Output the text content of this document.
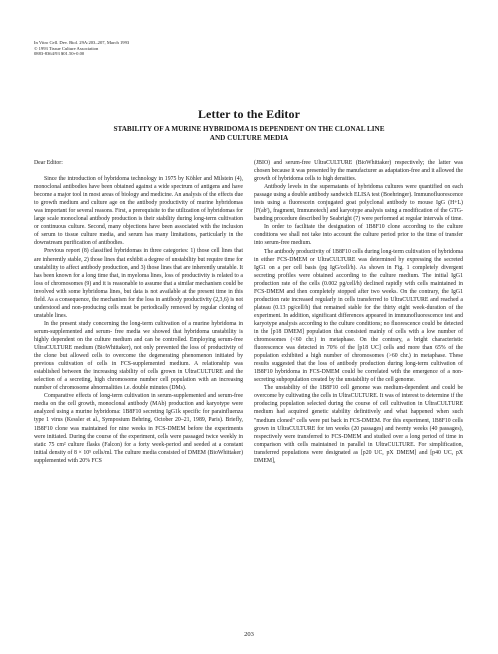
In Vitro Cell. Dev. Biol. 29A:203–207, March 1993
© 1993 Tissue Culture Association
0883-8364/93 $01.50+0.00
Letter to the Editor
STABILITY OF A MURINE HYBRIDOMA IS DEPENDENT ON THE CLONAL LINE
AND CULTURE MEDIA

Dear Editor:

Since the introduction of hybridoma technology in 1975 by Köhler and Milstein (4), monoclonal antibodies have been obtained against a wide spectrum of antigens and have become a major tool in most areas of biology and medicine. An analysis of the effects due to growth medium and culture age on the antibody productivity of murine hybridomas was important for several reasons. First, a prerequisite to the utilization of hybridomas for large scale monoclonal antibody production is their stability during long-term cultivation or continuous culture. Second, many objections have been associated with the inclusion of serum to tissue culture media, and serum has many limitations, particularly in the downstream purification of antibodies.

Previous report (8) classified hybridomas in three categories: 1) those cell lines that are inherently stable, 2) those lines that exhibit a degree of unstability but require time for unstability to affect antibody production, and 3) those lines that are inherently unstable. It has been known for a long time that, in myeloma lines, loss of productivity is related to a loss of chromosomes (9) and it is reasonable to assume that a similar mechanism could be involved with some hybridoma lines, but data is not available at the present time in this field. As a consequence, the mechanism for the loss in antibody productivity (2,3,6) is not understood and non-producing cells must be periodically removed by regular cloning of unstable lines.

In the present study concerning the long-term cultivation of a murine hybridoma in serum-supplemented and serum- free media we showed that hybridoma unstability is highly dependent on the culture medium and can be controlled. Employing serum-free UltraCULTURE medium (BioWhittaker), not only prevented the loss of productivity of the clone but allowed cells to overcome the degenerating phenomenon initiated by previous cultivation of cells in FCS-supplemented medium. A relationship was established between the increasing stability of cells grown in UltraCULTURE and the selection of a secreting, high chromosome number cell population with an increasing number of chromosome abnormalities i.e. double minutes (DMs).

Comparative effects of long-term cultivation in serum-supplemented and serum-free media on the cell growth, monoclonal antibody (MAb) production and karyotype were analyzed using a murine hybridoma: 1B8F10 secreting IgG1k specific for parainfluenza type 1 virus (Kessler et al., Symposium Behring, October 20–21, 1989, Paris). Briefly, 1B8F10 clone was maintained for nine weeks in FCS-DMEM before the experiments were initiated. During the course of the experiment, cells were passaged twice weekly in static 75 cm² culture flasks (Falcon) for a forty week-period and seeded at a constant initial density of 8 × 10⁵ cells/ml. The culture media consisted of DMEM (BioWhittaker) supplemented with 20% FCS

(JBIO) and serum-free UltraCULTURE (BioWhittaker) respectively; the latter was chosen because it was presented by the manufacturer as adaptation-free and it allowed the growth of hybridoma cells to high densities.

Antibody levels in the supernatants of hybridoma cultures were quantified on each passage using a double antibody sandwich ELISA test (Boehringer). Immunofluorescence tests using a fluorescein conjugated goat polyclonal antibody to mouse IgG (H+L) [F(ab')₂ fragment, Immunotech] and karyotype analysis using a modification of the GTG-banding procedure described by Seabright (7) were performed at regular intervals of time.

In order to facilitate the designation of 1B8F10 clone according to the culture conditions we shall not take into account the culture period prior to the time of transfer into serum-free medium.

The antibody productivity of 1B8F10 cells during long-term cultivation of hybridoma in either FCS-DMEM or UltraCULTURE was determined by expressing the secreted IgG1 on a per cell basis (pg IgG/cell/h). As shown in Fig. 1 completely divergent secreting profiles were obtained according to the culture medium. The initial IgG1 production rate of the cells (0.002 pg/cell/h) declined rapidly with cells maintained in FCS-DMEM and then completely stopped after two weeks. On the contrary, the IgG1 production rate increased regularly in cells transferred to UltraCULTURE and reached a plateau (0.13 pg/cell/h) that remained stable for the thirty eight week-duration of the experiment. In addition, significant differences appeared in immunofluorescence test and karyotype analysis according to the culture conditions; no fluorescence could be detected in the [p18 DMEM] population that consisted mainly of cells with a low number of chromosomes (<60 chr.) in metaphase. On the contrary, a bright characteristic fluorescence was detected in 70% of the [p18 UC] cells and more than 65% of the population exhibited a high number of chromosomes (>60 chr.) in metaphase. These results suggested that the loss of antibody production during long-term cultivation of 1B8F10 hybridoma in FCS-DMEM could be correlated with the emergence of a non-secreting subpopulation created by the unstability of the cell genome.

The unstability of the 1B8F10 cell genome was medium-dependent and could be overcome by cultivating the cells in UltraCULTURE. It was of interest to determine if the producing population selected during the course of cell cultivation in UltraCULTURE medium had acquired genetic stability definitively and what happened when such "medium cloned" cells were put back in FCS-DMEM. For this experiment, 1B8F10 cells grown in UltraCULTURE for ten weeks (20 passages) and twenty weeks (40 passages), respectively were transferred to FCS-DMEM and studied over a long period of time in comparison with cells maintained in parallel in UltraCULTURE. For simplification, transferred populations were designated as [p20 UC, pX DMEM] and [p40 UC, pX DMEM],

203
